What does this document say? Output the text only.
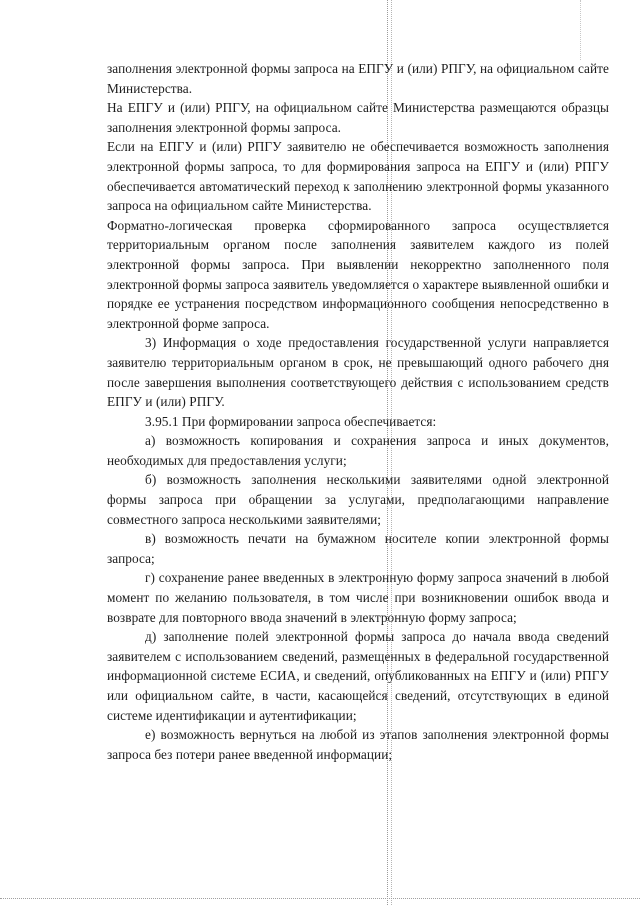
заполнения электронной формы запроса на ЕПГУ и (или) РПГУ, на официальном сайте Министерства.

На ЕПГУ и (или) РПГУ, на официальном сайте Министерства размещаются образцы заполнения электронной формы запроса.

Если на ЕПГУ и (или) РПГУ заявителю не обеспечивается возможность заполнения электронной формы запроса, то для формирования запроса на ЕПГУ и (или) РПГУ обеспечивается автоматический переход к заполнению электронной формы указанного запроса на официальном сайте Министерства.

Форматно-логическая проверка сформированного запроса осуществляется территориальным органом после заполнения заявителем каждого из полей электронной формы запроса. При выявлении некорректно заполненного поля электронной формы запроса заявитель уведомляется о характере выявленной ошибки и порядке ее устранения посредством информационного сообщения непосредственно в электронной форме запроса.

3) Информация о ходе предоставления государственной услуги направляется заявителю территориальным органом в срок, не превышающий одного рабочего дня после завершения выполнения соответствующего действия с использованием средств ЕПГУ и (или) РПГУ.

3.95.1 При формировании запроса обеспечивается:

а) возможность копирования и сохранения запроса и иных документов, необходимых для предоставления услуги;

б) возможность заполнения несколькими заявителями одной электронной формы запроса при обращении за услугами, предполагающими направление совместного запроса несколькими заявителями;

в) возможность печати на бумажном носителе копии электронной формы запроса;

г) сохранение ранее введенных в электронную форму запроса значений в любой момент по желанию пользователя, в том числе при возникновении ошибок ввода и возврате для повторного ввода значений в электронную форму запроса;

д) заполнение полей электронной формы запроса до начала ввода сведений заявителем с использованием сведений, размещенных в федеральной государственной информационной системе ЕСИА, и сведений, опубликованных на ЕПГУ и (или) РПГУ или официальном сайте, в части, касающейся сведений, отсутствующих в единой системе идентификации и аутентификации;

е) возможность вернуться на любой из этапов заполнения электронной формы запроса без потери ранее введенной информации;
